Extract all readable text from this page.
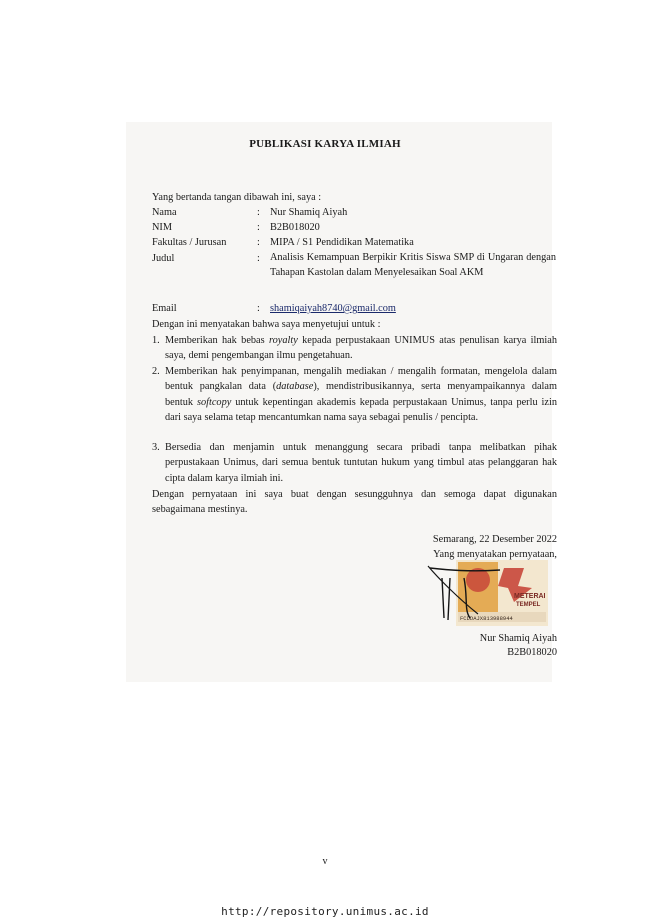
PUBLIKASI KARYA ILMIAH
Yang bertanda tangan dibawah ini, saya :
Nama	: Nur Shamiq Aiyah
NIM	: B2B018020
Fakultas / Jurusan	: MIPA / S1 Pendidikan Matematika
Judul	: Analisis Kemampuan Berpikir Kritis Siswa SMP di Ungaran dengan Tahapan Kastolan dalam Menyelesaikan Soal AKM
Email	: shamiqaiyah8740@gmail.com
Dengan ini menyatakan bahwa saya menyetujui untuk :
1. Memberikan hak bebas royalty kepada perpustakaan UNIMUS atas penulisan karya ilmiah saya, demi pengembangan ilmu pengetahuan.
2. Memberikan hak penyimpanan, mengalih mediakan / mengalih formatan, mengelola dalam bentuk pangkalan data (database), mendistribusikannya, serta menyampaikannya dalam bentuk softcopy untuk kepentingan akademis kepada perpustakaan Unimus, tanpa perlu izin dari saya selama tetap mencantumkan nama saya sebagai penulis / pencipta.
3. Bersedia dan menjamin untuk menanggung secara pribadi tanpa melibatkan pihak perpustakaan Unimus, dari semua bentuk tuntutan hukum yang timbul atas pelanggaran hak cipta dalam karya ilmiah ini.
Dengan pernyataan ini saya buat dengan sesungguhnya dan semoga dapat digunakan sebagaimana mestinya.
Semarang, 22 Desember 2022
Yang menyatakan pernyataan,
METERAI
TEMPEL
FCDDAJX813988944
Nur Shamiq Aiyah
B2B018020
v
http://repository.unimus.ac.id
